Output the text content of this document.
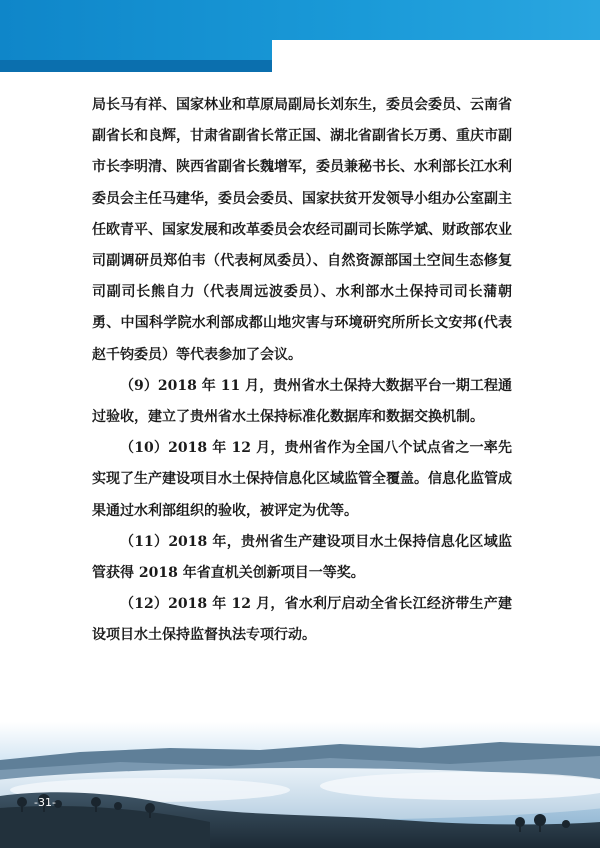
局长马有祥、国家林业和草原局副局长刘东生，委员会委员、云南省副省长和良辉，甘肃省副省长常正国、湖北省副省长万勇、重庆市副市长李明清、陕西省副省长魏增军，委员兼秘书长、水利部长江水利委员会主任马建华，委员会委员、国家扶贫开发领导小组办公室副主任欧青平、国家发展和改革委员会农经司副司长陈学斌、财政部农业司副调研员郑伯韦（代表柯凤委员）、自然资源部国土空间生态修复司副司长熊自力（代表周远波委员）、水利部水土保持司司长蒲朝勇、中国科学院水利部成都山地灾害与环境研究所所长文安邦(代表赵千钧委员）等代表参加了会议。

（9）2018 年 11 月，贵州省水土保持大数据平台一期工程通过验收，建立了贵州省水土保持标准化数据库和数据交换机制。

（10）2018 年 12 月，贵州省作为全国八个试点省之一率先实现了生产建设项目水土保持信息化区域监管全覆盖。信息化监管成果通过水利部组织的验收，被评定为优等。

（11）2018 年，贵州省生产建设项目水土保持信息化区域监管获得 2018 年省直机关创新项目一等奖。

（12）2018 年 12 月，省水利厅启动全省长江经济带生产建设项目水土保持监督执法专项行动。

-31-
